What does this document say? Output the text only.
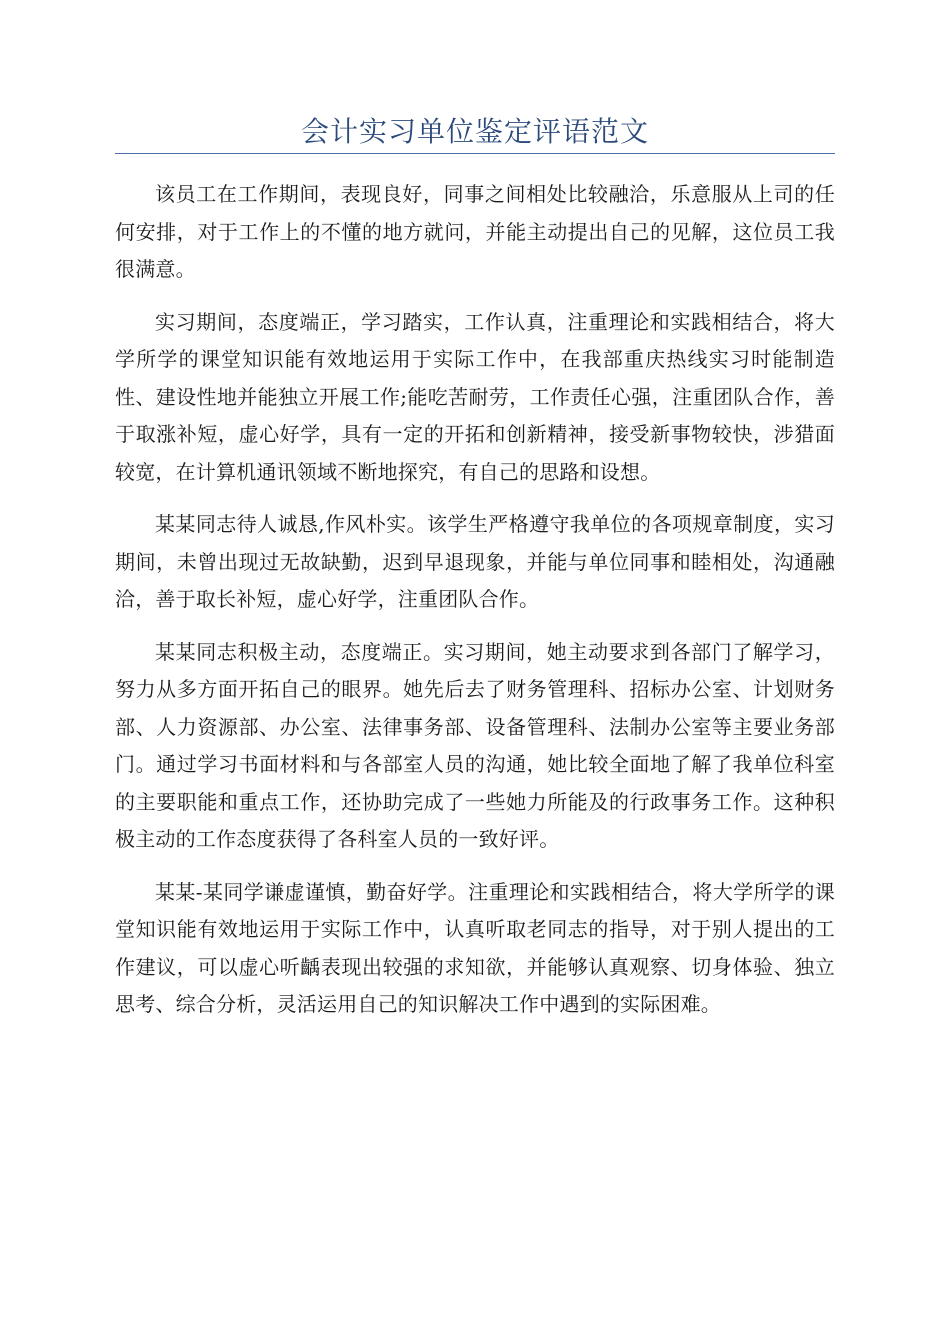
会计实习单位鉴定评语范文

该员工在工作期间，表现良好，同事之间相处比较融洽，乐意服从上司的任何安排，对于工作上的不懂的地方就问，并能主动提出自己的见解，这位员工我很满意。

实习期间，态度端正，学习踏实，工作认真，注重理论和实践相结合，将大学所学的课堂知识能有效地运用于实际工作中，在我部重庆热线实习时能制造性、建设性地并能独立开展工作;能吃苦耐劳，工作责任心强，注重团队合作，善于取涨补短，虚心好学，具有一定的开拓和创新精神，接受新事物较快，涉猎面较宽，在计算机通讯领域不断地探究，有自己的思路和设想。

某某同志待人诚恳,作风朴实。该学生严格遵守我单位的各项规章制度，实习期间，未曾出现过无故缺勤，迟到早退现象，并能与单位同事和睦相处，沟通融洽，善于取长补短，虚心好学，注重团队合作。

某某同志积极主动，态度端正。实习期间，她主动要求到各部门了解学习，努力从多方面开拓自己的眼界。她先后去了财务管理科、招标办公室、计划财务部、人力资源部、办公室、法律事务部、设备管理科、法制办公室等主要业务部门。通过学习书面材料和与各部室人员的沟通，她比较全面地了解了我单位科室的主要职能和重点工作，还协助完成了一些她力所能及的行政事务工作。这种积极主动的工作态度获得了各科室人员的一致好评。

某某-某同学谦虚谨慎，勤奋好学。注重理论和实践相结合，将大学所学的课堂知识能有效地运用于实际工作中，认真听取老同志的指导，对于别人提出的工作建议，可以虚心听齲表现出较强的求知欲，并能够认真观察、切身体验、独立思考、综合分析，灵活运用自己的知识解决工作中遇到的实际困难。
